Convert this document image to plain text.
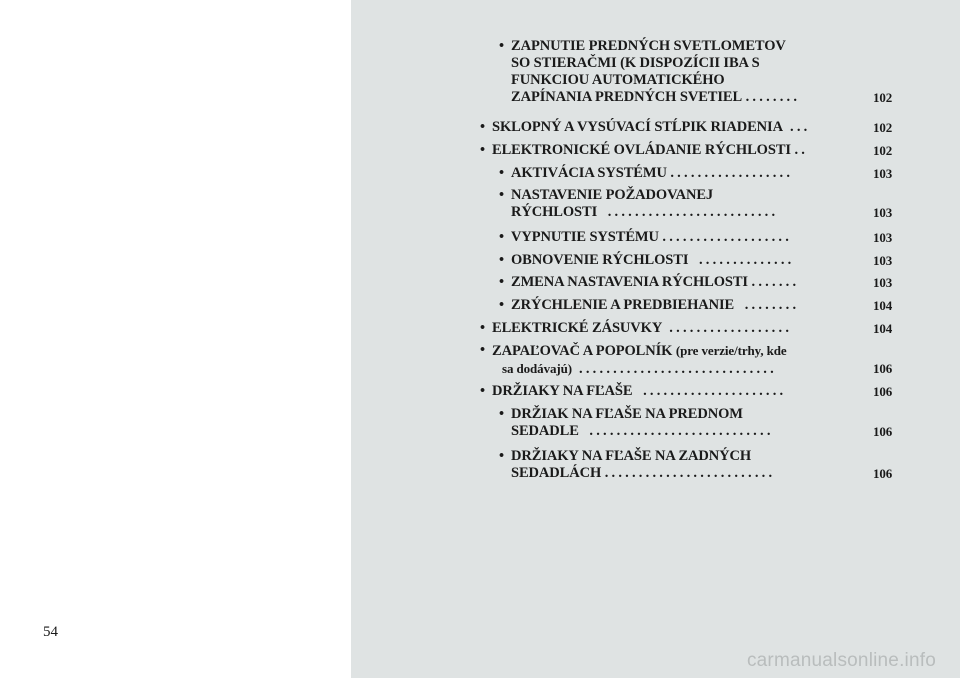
• ZAPNUTIE PREDNÝCH SVETLOMETOV
SO STIERAČMI (K DISPOZÍCII IBA S
FUNKCIOU AUTOMATICKÉHO
ZAPÍNANIA PREDNÝCH SVETIEL ........	102
• SKLOPNÝ A VYSÚVACÍ STĹPIK RIADENIA ...	102
• ELEKTRONICKÉ OVLÁDANIE RÝCHLOSTI ..	102
• AKTIVÁCIA SYSTÉMU ..................	103
• NASTAVENIE POŽADOVANEJ
RÝCHLOSTI .........................	103
• VYPNUTIE SYSTÉMU ...................	103
• OBNOVENIE RÝCHLOSTI ..............	103
• ZMENA NASTAVENIA RÝCHLOSTI .......	103
• ZRÝCHLENIE A PREDBIEHANIE ........	104
• ELEKTRICKÉ ZÁSUVKY ..................	104
• ZAPAĽOVAČ A POPOLNÍK (pre verzie/trhy, kde
sa dodávajú) .............................	106
• DRŽIAKY NA FĽAŠE .....................	106
• DRŽIAK NA FĽAŠE NA PREDNOM
SEDADLE ...........................	106
• DRŽIAKY NA FĽAŠE NA ZADNÝCH
SEDADLÁCH .........................	106
54
carmanualsonline.info
